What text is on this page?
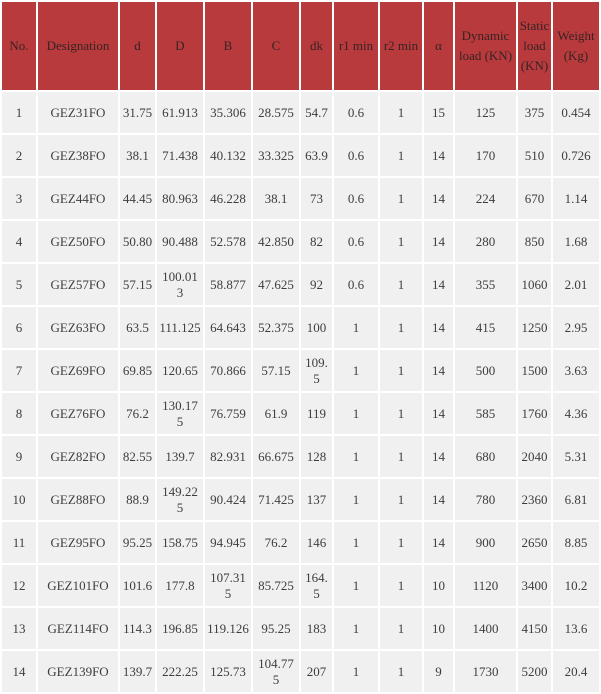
No.	Designation	d	D	B	C	dk	r1 min	r2 min	α	Dynamic load (KN)	Static load (KN)	Weight (Kg)
1	GEZ31FO	31.75	61.913	35.306	28.575	54.7	0.6	1	15	125	375	0.454
2	GEZ38FO	38.1	71.438	40.132	33.325	63.9	0.6	1	14	170	510	0.726
3	GEZ44FO	44.45	80.963	46.228	38.1	73	0.6	1	14	224	670	1.14
4	GEZ50FO	50.80	90.488	52.578	42.850	82	0.6	1	14	280	850	1.68
5	GEZ57FO	57.15	100.013	58.877	47.625	92	0.6	1	14	355	1060	2.01
6	GEZ63FO	63.5	111.125	64.643	52.375	100	1	1	14	415	1250	2.95
7	GEZ69FO	69.85	120.65	70.866	57.15	109.5	1	1	14	500	1500	3.63
8	GEZ76FO	76.2	130.175	76.759	61.9	119	1	1	14	585	1760	4.36
9	GEZ82FO	82.55	139.7	82.931	66.675	128	1	1	14	680	2040	5.31
10	GEZ88FO	88.9	149.225	90.424	71.425	137	1	1	14	780	2360	6.81
11	GEZ95FO	95.25	158.75	94.945	76.2	146	1	1	14	900	2650	8.85
12	GEZ101FO	101.6	177.8	107.315	85.725	164.5	1	1	10	1120	3400	10.2
13	GEZ114FO	114.3	196.85	119.126	95.25	183	1	1	10	1400	4150	13.6
14	GEZ139FO	139.7	222.25	125.73	104.775	207	1	1	9	1730	5200	20.4
